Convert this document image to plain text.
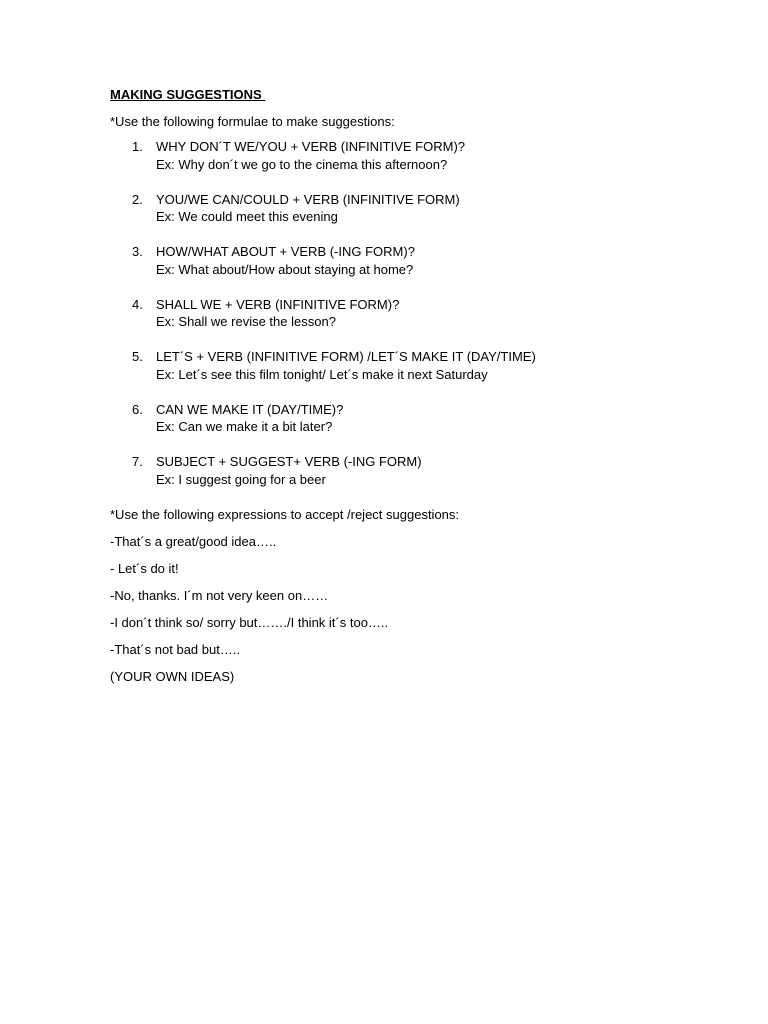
MAKING SUGGESTIONS

*Use the following formulae to make suggestions:

1. WHY DON´T WE/YOU + VERB (INFINITIVE FORM)?
Ex: Why don´t we go to the cinema this afternoon?
2. YOU/WE CAN/COULD + VERB (INFINITIVE FORM)
Ex: We could meet this evening
3. HOW/WHAT ABOUT + VERB (-ING FORM)?
Ex: What about/How about staying at home?
4. SHALL WE + VERB (INFINITIVE FORM)?
Ex: Shall we revise the lesson?
5. LET´S + VERB (INFINITIVE FORM) /LET´S MAKE IT (DAY/TIME)
Ex: Let´s see this film tonight/ Let´s make it next Saturday
6. CAN WE MAKE IT (DAY/TIME)?
Ex: Can we make it a bit later?
7. SUBJECT + SUGGEST+ VERB (-ING FORM)
Ex: I suggest going for a beer

*Use the following expressions to accept /reject suggestions:

-That´s a great/good idea…..

- Let´s do it!

-No, thanks. I´m not very keen on……

-I don´t think so/ sorry but……./I think it´s too…..

-That´s not bad but…..

(YOUR OWN IDEAS)
